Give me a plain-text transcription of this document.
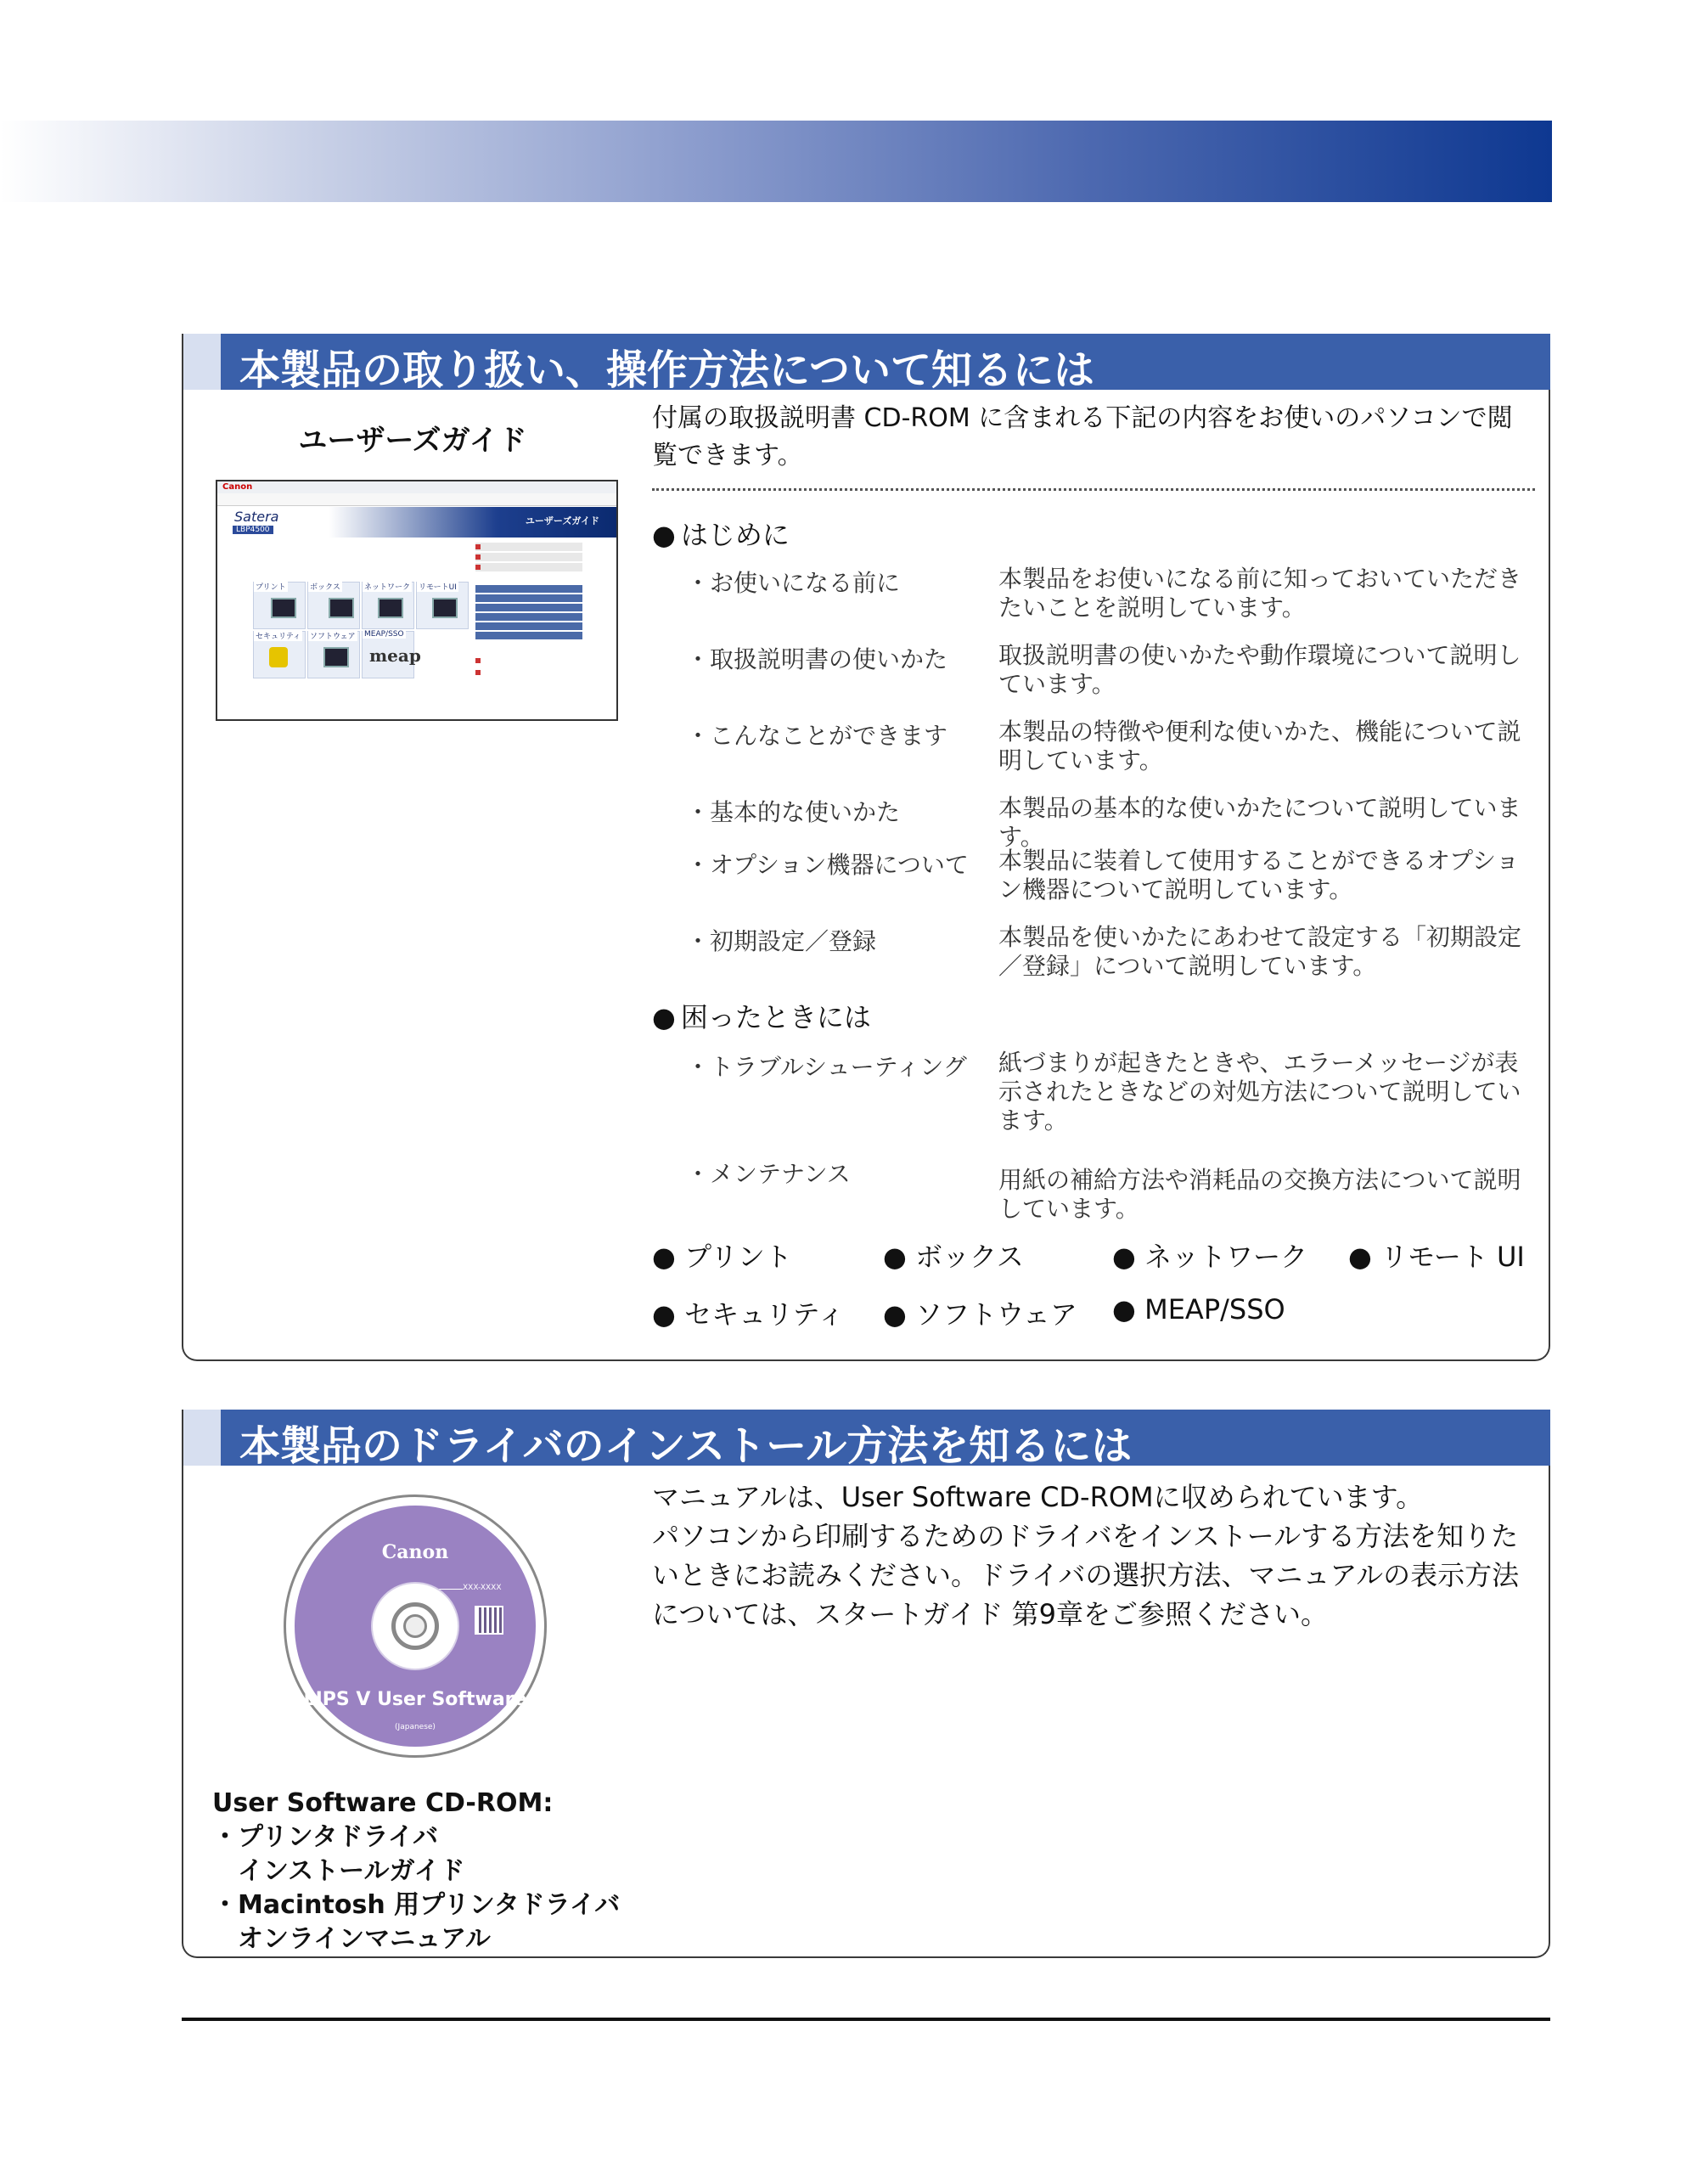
本製品の取り扱い、操作方法について知るには
ユーザーズガイド
Canon
Satera
LBP4500
ユーザーズガイド
プリント	ボックス	ネットワーク リモートUI
セキュリティ ソフトウェア MEAP/SSO
meap
付属の取扱説明書 CD-ROM に含まれる下記の内容をお使いのパソコンで閲覧できます。
● はじめに
・お使いになる前に	本製品をお使いになる前に知っておいていただきたいことを説明しています。
・取扱説明書の使いかた 取扱説明書の使いかたや動作環境について説明しています。
・こんなことができます 本製品の特徴や便利な使いかた、機能について説明しています。
・基本的な使いかた	本製品の基本的な使いかたについて説明しています。
・オプション機器について 本製品に装着して使用することができるオプション機器について説明しています。
・初期設定／登録	本製品を使いかたにあわせて設定する「初期設定／登録」について説明しています。
● 困ったときには
・トラブルシューティング 紙づまりが起きたときや、エラーメッセージが表示されたときなどの対処方法について説明しています。
・メンテナンス	用紙の補給方法や消耗品の交換方法について説明しています。
● プリント	● ボックス	● ネットワーク ● リモート UI
● セキュリティ ● ソフトウェア ● MEAP/SSO
本製品のドライバのインストール方法を知るには
Canon
XXX-XXXX
LIPS V User Software
(Japanese)
User Software CD-ROM:
・プリンタドライバ
　インストールガイド
・Macintosh 用プリンタドライバ
　オンラインマニュアル
マニュアルは、User Software CD-ROMに収められています。
パソコンから印刷するためのドライバをインストールする方法を知りたいときにお読みください。ドライバの選択方法、マニュアルの表示方法については、スタートガイド 第9章をご参照ください。
